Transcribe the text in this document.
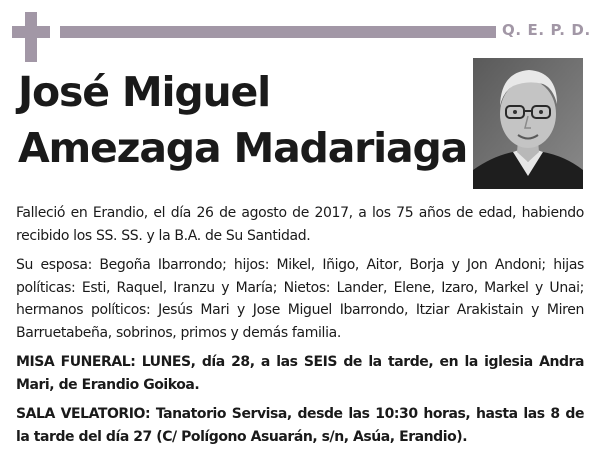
Q. E. P. D.
José Miguel
Amezaga Madariaga

Falleció en Erandio, el día 26 de agosto de 2017, a los 75 años de edad, habiendo recibido los SS. SS. y la B.A. de Su Santidad.

Su esposa: Begoña Ibarrondo; hijos: Mikel, Iñigo, Aitor, Borja y Jon Andoni; hijas políticas: Esti, Raquel, Iranzu y María; Nietos: Lander, Elene, Izaro, Markel y Unai; hermanos políticos: Jesús Mari y Jose Miguel Ibarrondo, Itziar Arakistain y Miren Barruetabeña, sobrinos, primos y demás familia.

MISA FUNERAL: LUNES, día 28, a las SEIS de la tarde, en la iglesia Andra Mari, de Erandio Goikoa.

SALA VELATORIO: Tanatorio Servisa, desde las 10:30 horas, hasta las 8 de la tarde del día 27 (C/ Polígono Asuarán, s/n, Asúa, Erandio).
